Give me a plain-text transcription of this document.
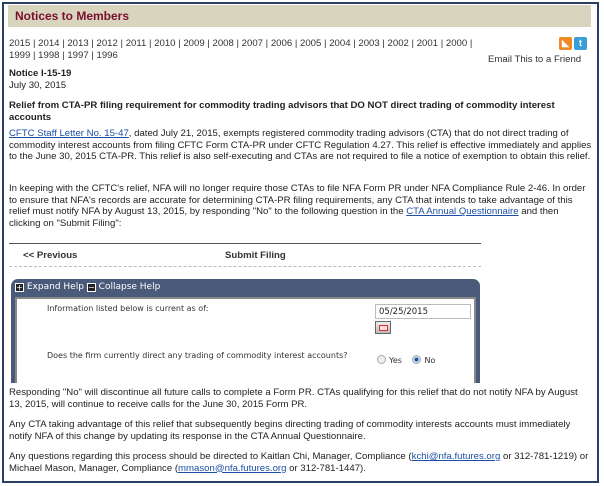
Notices to Members
2015 | 2014 | 2013 | 2012 | 2011 | 2010 | 2009 | 2008 | 2007 | 2006 | 2005 | 2004 | 2003 | 2002 | 2001 | 2000 | 1999 | 1998 | 1997 | 1996
◣ t
Email This to a Friend
Notice I-15-19
July 30, 2015

Relief from CTA-PR filing requirement for commodity trading advisors that DO NOT direct trading of commodity interest accounts

CFTC Staff Letter No. 15-47, dated July 21, 2015, exempts registered commodity trading advisors (CTA) that do not direct trading of commodity interest accounts from filing CFTC Form CTA-PR under CFTC Regulation 4.27. This relief is effective immediately and applies to the June 30, 2015 CTA-PR. This relief is also self-executing and CTAs are not required to file a notice of exemption to obtain this relief.

In keeping with the CFTC's relief, NFA will no longer require those CTAs to file NFA Form PR under NFA Compliance Rule 2-46. In order to ensure that NFA's records are accurate for determining CTA-PR filing requirements, any CTA that intends to take advantage of this relief must notify NFA by August 13, 2015, by responding "No" to the following question in the CTA Annual Questionnaire and then clicking on "Submit Filing":

<< Previous	Submit Filing
+ Expand Help − Collapse Help
Information listed below is current as of:	05/25/2015
Does the firm currently direct any trading of commodity interest accounts?
Yes	No

Responding "No" will discontinue all future calls to complete a Form PR. CTAs qualifying for this relief that do not notify NFA by August 13, 2015, will continue to receive calls for the June 30, 2015 Form PR.

Any CTA taking advantage of this relief that subsequently begins directing trading of commodity interests accounts must immediately notify NFA of this change by updating its response in the CTA Annual Questionnaire.

Any questions regarding this process should be directed to Kaitlan Chi, Manager, Compliance (kchi@nfa.futures.org or 312-781-1219) or Michael Mason, Manager, Compliance (mmason@nfa.futures.org or 312-781-1447).
